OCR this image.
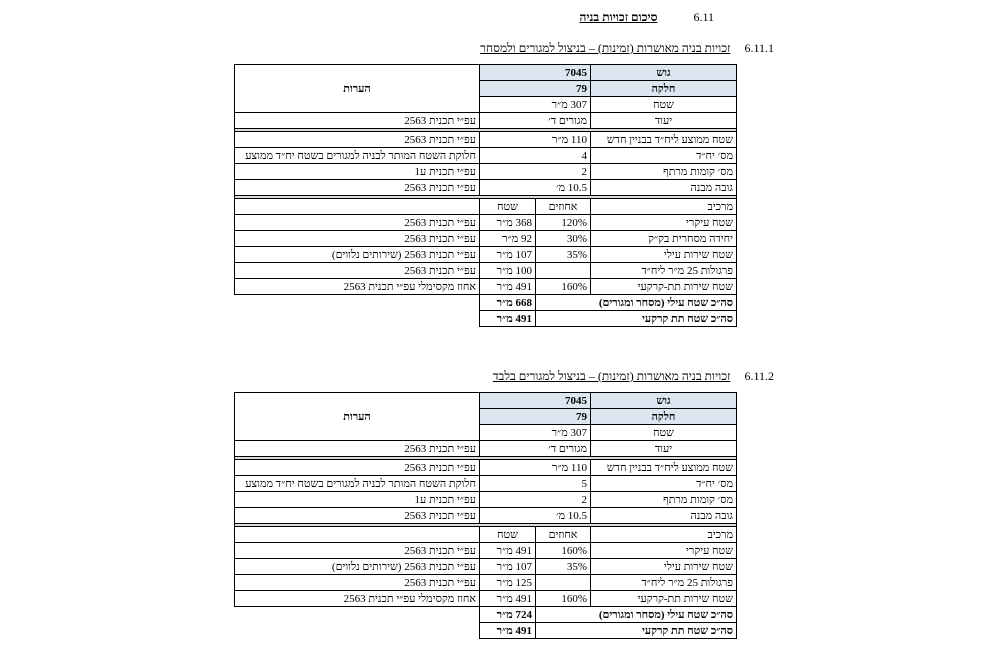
6.11סיכום זכויות בניה
6.11.1זכויות בניה מאושרות (זמינות) – בניצול למגורים ולמסחר
גוש	7045		הערות
חלקה	79		
שטח	307 מ״ר		
יעוד	מגורים ד׳		עפ״י תכנית 2563

שטח ממוצע ליח״ד בבניין חדש	110 מ״ר		עפ״י תכנית 2563
מס׳ יח״ד	4		חלוקת השטח המותר לבניה למגורים בשטח יח״ד ממוצע
מס׳ קומות מרתף	2		עפ״י תכנית ע1
גובה מבנה	10.5 מ׳		עפ״י תכנית 2563

מרכיב	אחוזים	שטח	
שטח עיקרי	120%	368 מ״ר	עפ״י תכנית 2563
יחידה מסחרית בק״ק	30%	92 מ״ר	עפ״י תכנית 2563
שטח שירות עילי	35%	107 מ״ר	עפ״י תכנית 2563 (שירותים נלווים)
פרגולות 25 מ״ר ליח״ד		100 מ״ר	עפ״י תכנית 2563
שטח שירות תת-קרקעי	160%	491 מ״ר	אחוז מקסימלי עפ״י תכנית 2563
סה״כ שטח עילי (מסחר ומגורים)		668 מ״ר	
סה״כ שטח תת קרקעי		491 מ״ר	
6.11.2זכויות בניה מאושרות (זמינות) – בניצול למגורים בלבד
גוש	7045		הערות
חלקה	79		
שטח	307 מ״ר		
יעוד	מגורים ד׳		עפ״י תכנית 2563

שטח ממוצע ליח״ד בבניין חדש	110 מ״ר		עפ״י תכנית 2563
מס׳ יח״ד	5		חלוקת השטח המותר לבניה למגורים בשטח יח״ד ממוצע
מס׳ קומות מרתף	2		עפ״י תכנית ע1
גובה מבנה	10.5 מ׳		עפ״י תכנית 2563

מרכיב	אחוזים	שטח	
שטח עיקרי	160%	491 מ״ר	עפ״י תכנית 2563
שטח שירות עילי	35%	107 מ״ר	עפ״י תכנית 2563 (שירותים נלווים)
פרגולות 25 מ״ר ליח״ד		125 מ״ר	עפ״י תכנית 2563
שטח שירות תת-קרקעי	160%	491 מ״ר	אחוז מקסימלי עפ״י תכנית 2563
סה״כ שטח עילי (מסחר ומגורים)		724 מ״ר	
סה״כ שטח תת קרקעי		491 מ״ר	
